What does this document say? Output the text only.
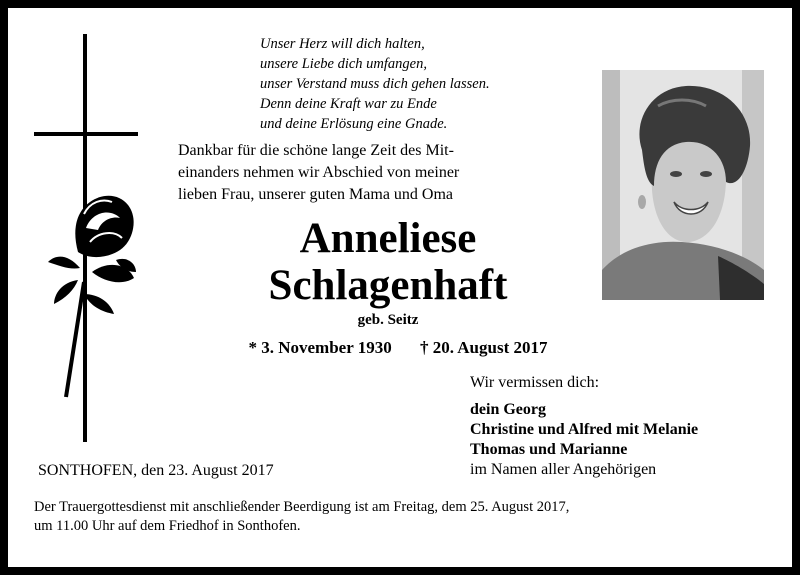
Unser Herz will dich halten,
unsere Liebe dich umfangen,
unser Verstand muss dich gehen lassen.
Denn deine Kraft war zu Ende
und deine Erlösung eine Gnade.
Dankbar für die schöne lange Zeit des Mit-
einanders nehmen wir Abschied von meiner
lieben Frau, unserer guten Mama und Oma
Anneliese
Schlagenhaft
geb. Seitz
* 3. November 1930 † 20. August 2017
Wir vermissen dich:
dein Georg
Christine und Alfred mit Melanie
Thomas und Marianne
im Namen aller Angehörigen
SONTHOFEN, den 23. August 2017
Der Trauergottesdienst mit anschließender Beerdigung ist am Freitag, dem 25. August 2017,
um 11.00 Uhr auf dem Friedhof in Sonthofen.
